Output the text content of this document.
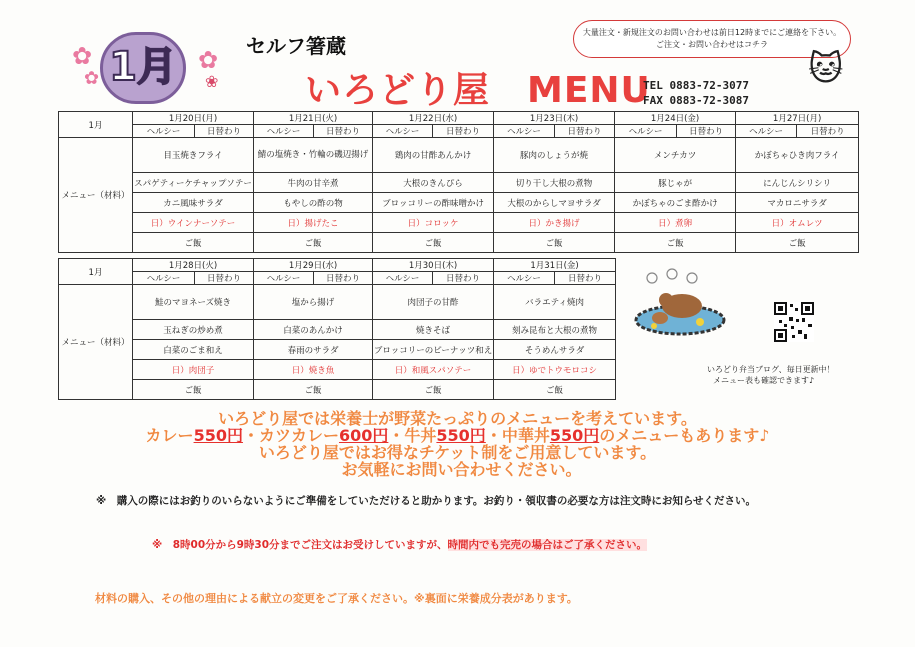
✿
✿ 1月 ✿
❀
セルフ箸蔵
いろどり屋　MENU
大量注文・新規注文のお問い合わせは前日12時までにご連絡を下さい。
ご注文・お問い合わせはコチラ
🐱
TEL 0883-72-3077
FAX 0883-72-3087
1月	1月20日(月)		1月21日(火)		1月22日(水)		1月23日(木)		1月24日(金)		1月27日(月)	
	ヘルシー	日替わり	ヘルシー	日替わり	ヘルシー	日替わり	ヘルシー	日替わり	ヘルシー	日替わり	ヘルシー	日替わり
メニュー（材料）	目玉焼きフライ		鯖の塩焼き・竹輪の磯辺揚げ		鶏肉の甘酢あんかけ		豚肉のしょうが焼		メンチカツ		かぼちゃひき肉フライ	
	スパゲティーケチャップソテー		牛肉の甘辛煮		大根のきんぴら		切り干し大根の煮物		豚じゃが		にんじんシリシリ	
	カニ風味サラダ		もやしの酢の物		ブロッコリーの酢味噌かけ		大根のからしマヨサラダ		かぼちゃのごま酢かけ		マカロニサラダ	
	日）ウインナーソテー		日）揚げたこ		日）コロッケ		日）かき揚げ		日）煮卵		日）オムレツ	
	ご飯		ご飯		ご飯		ご飯		ご飯		ご飯	
1月	1月28日(火)		1月29日(水)		1月30日(木)		1月31日(金)	
	ヘルシー	日替わり	ヘルシー	日替わり	ヘルシー	日替わり	ヘルシー	日替わり
メニュー（材料）	鮭のマヨネーズ焼き		塩から揚げ		肉団子の甘酢		バラエティ焼肉	
	玉ねぎの炒め煮		白菜のあんかけ		焼きそば		刻み昆布と大根の煮物	
	白菜のごま和え		春雨のサラダ		ブロッコリーのピーナッツ和え		そうめんサラダ	
	日）肉団子		日）焼き魚		日）和風スパソテー		日）ゆでトウモロコシ	
	ご飯		ご飯		ご飯		ご飯	
いろどり弁当ブログ、毎日更新中！
メニュー表も確認できます♪
いろどり屋では栄養士が野菜たっぷりのメニューを考えています。
カレー550円・カツカレー600円・牛丼550円・中華丼550円のメニューもあります♪
いろどり屋ではお得なチケット制をご用意しています。
お気軽にお問い合わせください。
※　購入の際にはお釣りのいらないようにご準備をしていただけると助かります。お釣り・領収書の必要な方は注文時にお知らせください。
※　8時00分から9時30分までご注文はお受けしていますが、時間内でも完売の場合はご了承ください。
材料の購入、その他の理由による献立の変更をご了承ください。※裏面に栄養成分表があります。
